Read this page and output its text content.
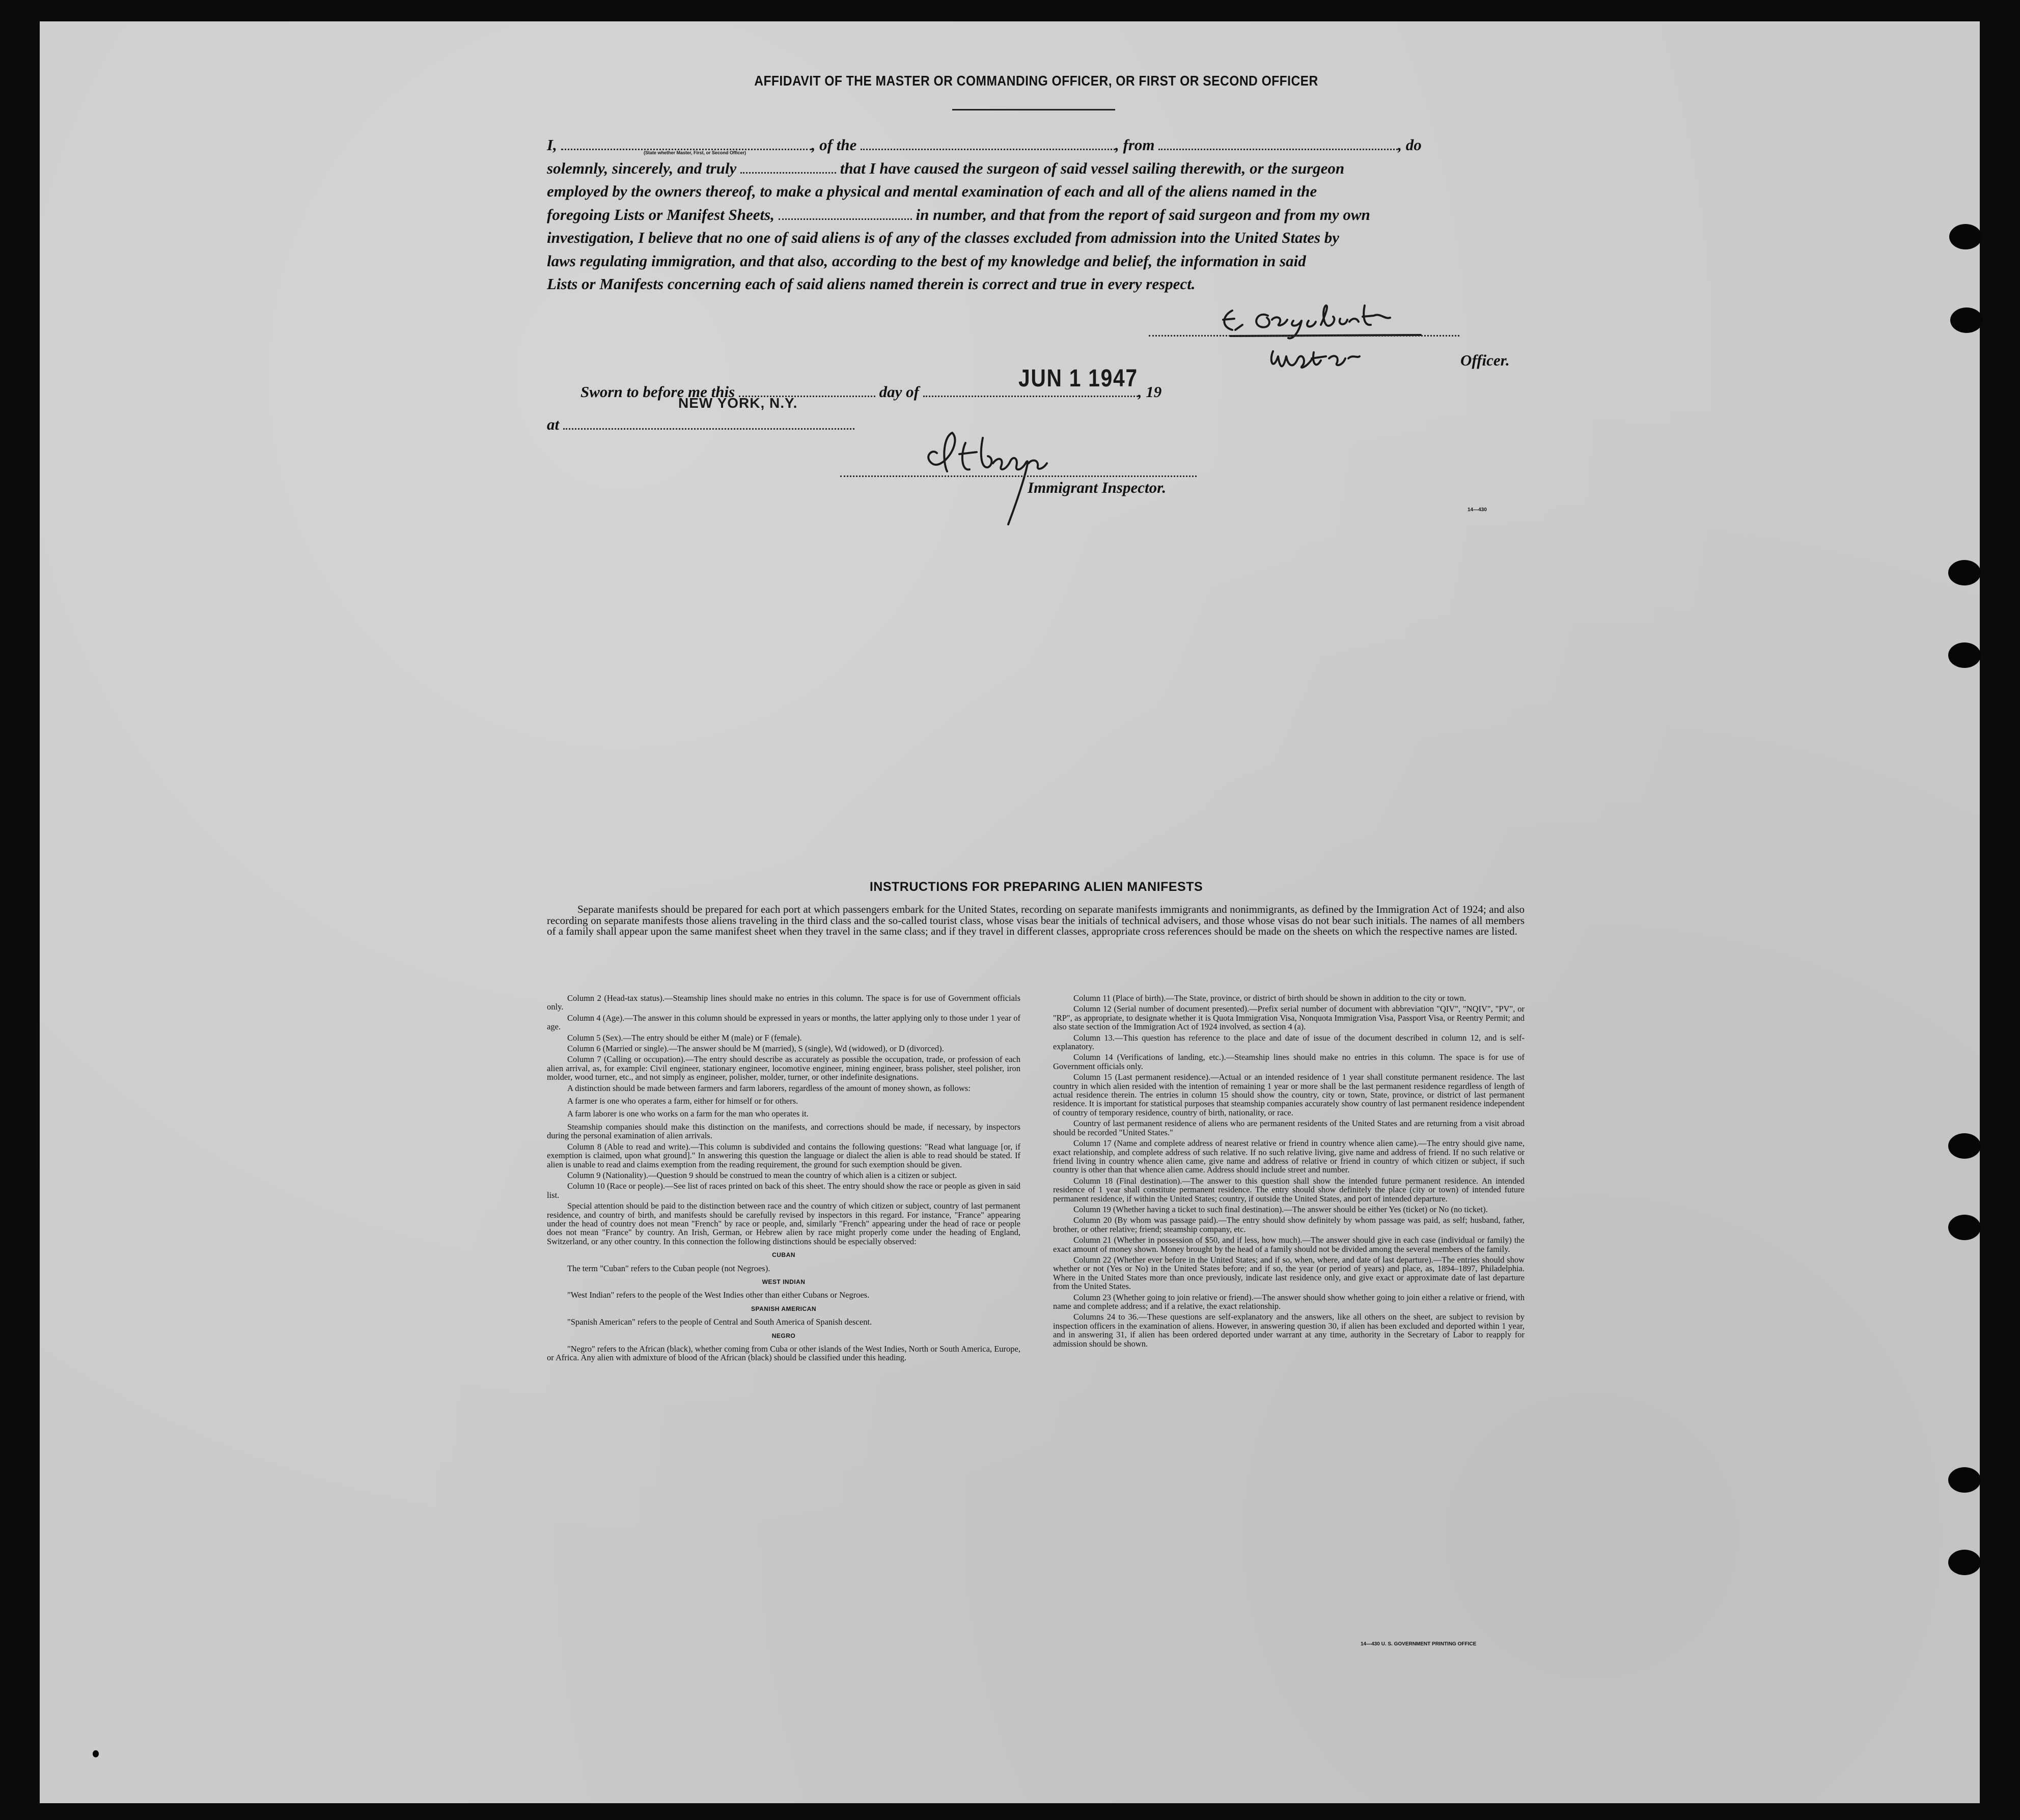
AFFIDAVIT OF THE MASTER OR COMMANDING OFFICER, OR FIRST OR SECOND OFFICER
I,	, of the	, from	, do
(State whether Master, First, or Second Officer)
solemnly, sincerely, and truly	that I have caused the surgeon of said vessel sailing therewith, or the surgeon
employed by the owners thereof, to make a physical and mental examination of each and all of the aliens named in the
foregoing Lists or Manifest Sheets,	in number, and that from the report of said surgeon and from my own
investigation, I believe that no one of said aliens is of any of the classes excluded from admission into the United States by
laws regulating immigration, and that also, according to the best of my knowledge and belief, the information in said
Lists or Manifests concerning each of said aliens named therein is correct and true in every respect.
Officer.
Sworn to before me this	day of	, 19
JUN 1 1947
at
NEW YORK, N.Y.
Immigrant Inspector.
14—430
INSTRUCTIONS FOR PREPARING ALIEN MANIFESTS
Separate manifests should be prepared for each port at which passengers embark for the United States, recording on separate manifests immigrants and nonimmigrants, as defined by the Immigration Act of 1924; and also recording on separate manifests those aliens traveling in the third class and the so-called tourist class, whose visas bear the initials of technical advisers, and those whose visas do not bear such initials. The names of all members of a family shall appear upon the same manifest sheet when they travel in the same class; and if they travel in different classes, appropriate cross references should be made on the sheets on which the respective names are listed.

Column 2 (Head-tax status).—Steamship lines should make no entries in this column. The space is for use of Government officials only.

Column 4 (Age).—The answer in this column should be expressed in years or months, the latter applying only to those under 1 year of age.

Column 5 (Sex).—The entry should be either M (male) or F (female).

Column 6 (Married or single).—The answer should be M (married), S (single), Wd (widowed), or D (divorced).

Column 7 (Calling or occupation).—The entry should describe as accurately as possible the occupation, trade, or profession of each alien arrival, as, for example: Civil engineer, stationary engineer, locomotive engineer, mining engineer, brass polisher, steel polisher, iron molder, wood turner, etc., and not simply as engineer, polisher, molder, turner, or other indefinite designations.

A distinction should be made between farmers and farm laborers, regardless of the amount of money shown, as follows:

A farmer is one who operates a farm, either for himself or for others.

A farm laborer is one who works on a farm for the man who operates it.

Steamship companies should make this distinction on the manifests, and corrections should be made, if necessary, by inspectors during the personal examination of alien arrivals.

Column 8 (Able to read and write).—This column is subdivided and contains the following questions: "Read what language [or, if exemption is claimed, upon what ground]." In answering this question the language or dialect the alien is able to read should be stated. If alien is unable to read and claims exemption from the reading requirement, the ground for such exemption should be given.

Column 9 (Nationality).—Question 9 should be construed to mean the country of which alien is a citizen or subject.

Column 10 (Race or people).—See list of races printed on back of this sheet. The entry should show the race or people as given in said list.

Special attention should be paid to the distinction between race and the country of which citizen or subject, country of last permanent residence, and country of birth, and manifests should be carefully revised by inspectors in this regard. For instance, "France" appearing under the head of country does not mean "French" by race or people, and, similarly "French" appearing under the head of race or people does not mean "France" by country. An Irish, German, or Hebrew alien by race might properly come under the heading of England, Switzerland, or any other country. In this connection the following distinctions should be especially observed:

CUBAN

The term "Cuban" refers to the Cuban people (not Negroes).

WEST INDIAN

"West Indian" refers to the people of the West Indies other than either Cubans or Negroes.

SPANISH AMERICAN

"Spanish American" refers to the people of Central and South America of Spanish descent.

NEGRO

"Negro" refers to the African (black), whether coming from Cuba or other islands of the West Indies, North or South America, Europe, or Africa. Any alien with admixture of blood of the African (black) should be classified under this heading.

Column 11 (Place of birth).—The State, province, or district of birth should be shown in addition to the city or town.

Column 12 (Serial number of document presented).—Prefix serial number of document with abbreviation "QIV", "NQIV", "PV", or "RP", as appropriate, to designate whether it is Quota Immigration Visa, Nonquota Immigration Visa, Passport Visa, or Reentry Permit; and also state section of the Immigration Act of 1924 involved, as section 4 (a).

Column 13.—This question has reference to the place and date of issue of the document described in column 12, and is self-explanatory.

Column 14 (Verifications of landing, etc.).—Steamship lines should make no entries in this column. The space is for use of Government officials only.

Column 15 (Last permanent residence).—Actual or an intended residence of 1 year shall constitute permanent residence. The last country in which alien resided with the intention of remaining 1 year or more shall be the last permanent residence regardless of length of actual residence therein. The entries in column 15 should show the country, city or town, State, province, or district of last permanent residence. It is important for statistical purposes that steamship companies accurately show country of last permanent residence independent of country of temporary residence, country of birth, nationality, or race.

Country of last permanent residence of aliens who are permanent residents of the United States and are returning from a visit abroad should be recorded "United States."

Column 17 (Name and complete address of nearest relative or friend in country whence alien came).—The entry should give name, exact relationship, and complete address of such relative. If no such relative living, give name and address of friend. If no such relative or friend living in country whence alien came, give name and address of relative or friend in country of which citizen or subject, if such country is other than that whence alien came. Address should include street and number.

Column 18 (Final destination).—The answer to this question shall show the intended future permanent residence. An intended residence of 1 year shall constitute permanent residence. The entry should show definitely the place (city or town) of intended future permanent residence, if within the United States; country, if outside the United States, and port of intended departure.

Column 19 (Whether having a ticket to such final destination).—The answer should be either Yes (ticket) or No (no ticket).

Column 20 (By whom was passage paid).—The entry should show definitely by whom passage was paid, as self; husband, father, brother, or other relative; friend; steamship company, etc.

Column 21 (Whether in possession of $50, and if less, how much).—The answer should give in each case (individual or family) the exact amount of money shown. Money brought by the head of a family should not be divided among the several members of the family.

Column 22 (Whether ever before in the United States; and if so, when, where, and date of last departure).—The entries should show whether or not (Yes or No) in the United States before; and if so, the year (or period of years) and place, as, 1894–1897, Philadelphia. Where in the United States more than once previously, indicate last residence only, and give exact or approximate date of last departure from the United States.

Column 23 (Whether going to join relative or friend).—The answer should show whether going to join either a relative or friend, with name and complete address; and if a relative, the exact relationship.

Columns 24 to 36.—These questions are self-explanatory and the answers, like all others on the sheet, are subject to revision by inspection officers in the examination of aliens. However, in answering question 30, if alien has been excluded and deported within 1 year, and in answering 31, if alien has been ordered deported under warrant at any time, authority in the Secretary of Labor to reapply for admission should be shown.

14—430 U. S. GOVERNMENT PRINTING OFFICE
